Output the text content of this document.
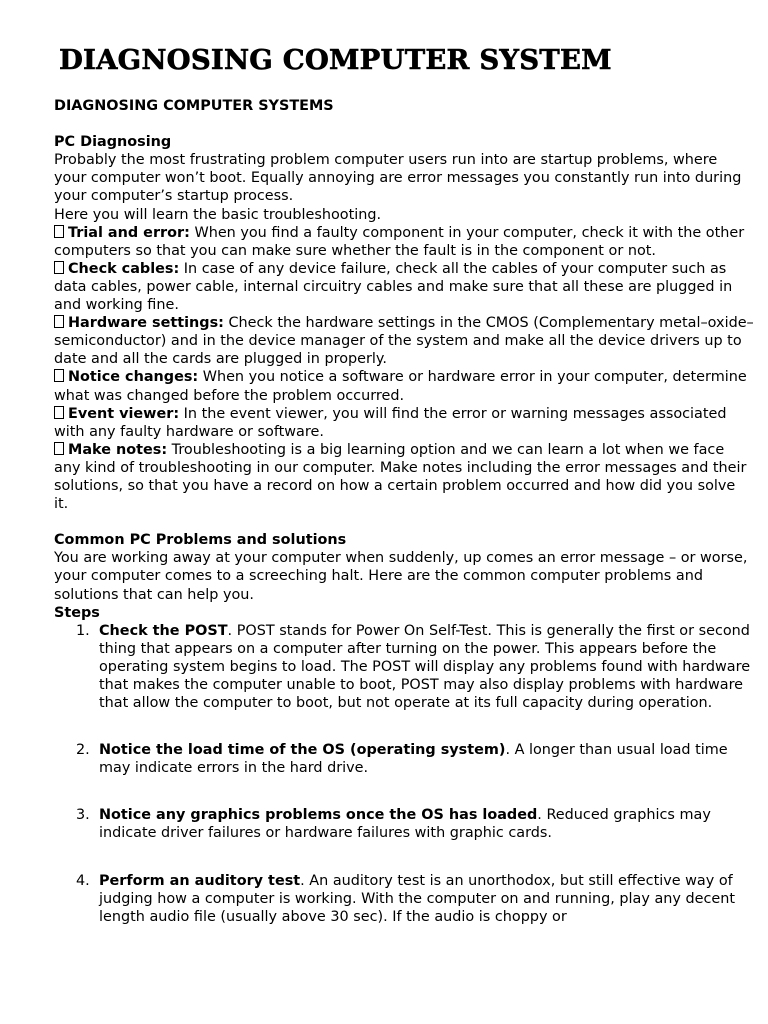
DIAGNOSING COMPUTER SYSTEM

DIAGNOSING COMPUTER SYSTEMS

PC Diagnosing

Probably the most frustrating problem computer users run into are startup problems, where your computer won’t boot. Equally annoying are error messages you constantly run into during your computer’s startup process.

Here you will learn the basic troubleshooting.

Trial and error: When you find a faulty component in your computer, check it with the other computers so that you can make sure whether the fault is in the component or not.

Check cables: In case of any device failure, check all the cables of your computer such as data cables, power cable, internal circuitry cables and make sure that all these are plugged in and working fine.

Hardware settings: Check the hardware settings in the CMOS (Complementary metal–oxide–semiconductor) and in the device manager of the system and make all the device drivers up to date and all the cards are plugged in properly.

Notice changes: When you notice a software or hardware error in your computer, determine what was changed before the problem occurred.

Event viewer: In the event viewer, you will find the error or warning messages associated with any faulty hardware or software.

Make notes: Troubleshooting is a big learning option and we can learn a lot when we face any kind of troubleshooting in our computer. Make notes including the error messages and their solutions, so that you have a record on how a certain problem occurred and how did you solve it.

Common PC Problems and solutions

You are working away at your computer when suddenly, up comes an error message – or worse, your computer comes to a screeching halt. Here are the common computer problems and solutions that can help you.

Steps

1. Check the POST. POST stands for Power On Self-Test. This is generally the first or second thing that appears on a computer after turning on the power. This appears before the operating system begins to load. The POST will display any problems found with hardware that makes the computer unable to boot, POST may also display problems with hardware that allow the computer to boot, but not operate at its full capacity during operation.
2. Notice the load time of the OS (operating system). A longer than usual load time may indicate errors in the hard drive.
3. Notice any graphics problems once the OS has loaded. Reduced graphics may indicate driver failures or hardware failures with graphic cards.
4. Perform an auditory test. An auditory test is an unorthodox, but still effective way of judging how a computer is working. With the computer on and running, play any decent length audio file (usually above 30 sec). If the audio is choppy or
